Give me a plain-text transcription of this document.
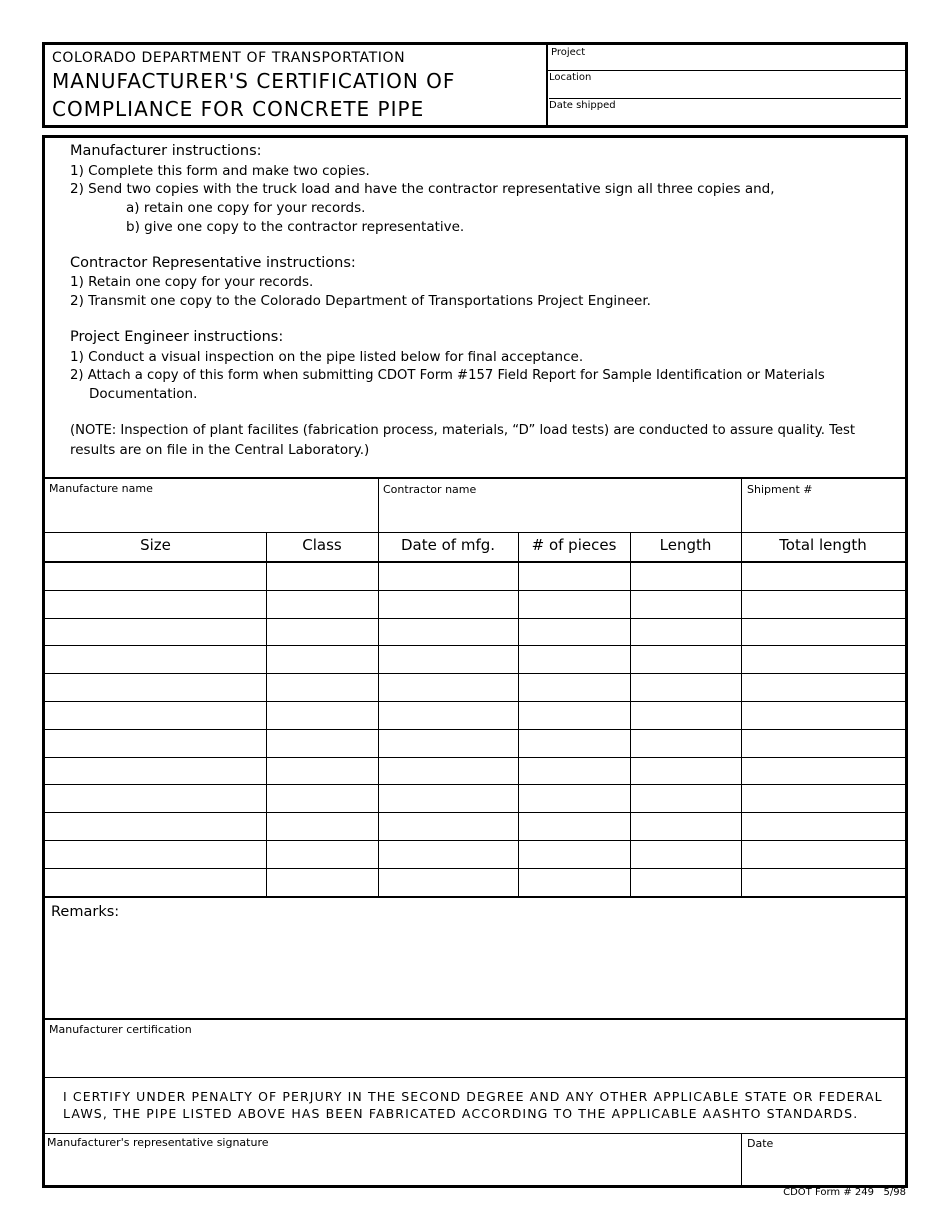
COLORADO DEPARTMENT OF TRANSPORTATION
MANUFACTURER'S CERTIFICATION OF
COMPLIANCE FOR CONCRETE PIPE
Project
Location
Date shipped
Manufacturer instructions:
1) Complete this form and make two copies.
2) Send two copies with the truck load and have the contractor representative sign all three copies and,
a) retain one copy for your records.
b) give one copy to the contractor representative.
Contractor Representative instructions:
1) Retain one copy for your records.
2) Transmit one copy to the Colorado Department of Transportations Project Engineer.
Project Engineer instructions:
1) Conduct a visual inspection on the pipe listed below for final acceptance.
2) Attach a copy of this form when submitting CDOT Form #157 Field Report for Sample Identification or Materials
Documentation.
(NOTE: Inspection of plant facilites (fabrication process, materials, “D” load tests) are conducted to assure quality. Test
results are on file in the Central Laboratory.)
Manufacture name	Contractor name	Shipment #
Size	Class	Date of mfg.	# of pieces	Length	Total length
Remarks:
Manufacturer certification
I CERTIFY UNDER PENALTY OF PERJURY IN THE SECOND DEGREE AND ANY OTHER APPLICABLE STATE OR FEDERAL
LAWS, THE PIPE LISTED ABOVE HAS BEEN FABRICATED ACCORDING TO THE APPLICABLE AASHTO STANDARDS.
Manufacturer's representative signature	Date
CDOT Form # 249 5/98
